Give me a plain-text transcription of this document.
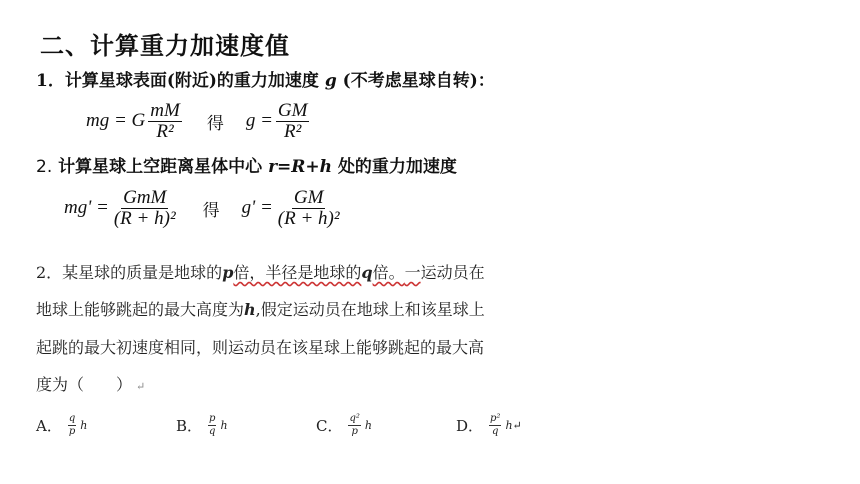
二、计算重力加速度值
1．计算星球表面(附近)的重力加速度 g (不考虑星球自转)：
mg = G $\frac{mM}{\text{R²}}$ 得 $g = \frac{GM}{\text{R²}}$
2. 计算星球上空距离星体中心 r=R+h 处的重力加速度
$mg' = \frac{\text{GmM}}{\text{(R + h)²}}$ 得 $g' = \frac{GM}{\text{(R + h)²}}$
2．某星球的质量是地球的p倍，半径是地球的q倍。一运动员在
地球上能够跳起的最大高度为h,假定运动员在地球上和该星球上
起跳的最大初速度相同，则运动员在该星球上能够跳起的最大高
度为（　　） ↵
A． $\frac{q}{p}$ h	B． $\frac{p}{q}$ h	C． $\frac{\text{q²}}{p}$ h	D． $\frac{\text{p²}}{q}$ h↵
